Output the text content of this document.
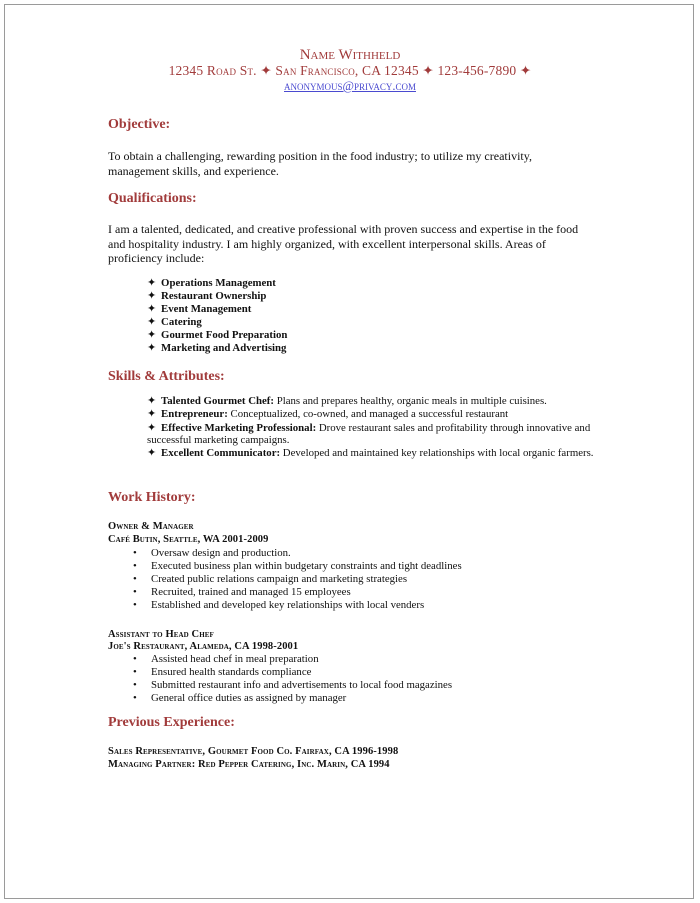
Name Withheld
12345 Road St. ✦ San Francisco, CA 12345 ✦ 123-456-7890 ✦
anonymous@privacy.com
Objective:
To obtain a challenging, rewarding position in the food industry; to utilize my creativity, management skills, and experience.
Qualifications:
I am a talented, dedicated, and creative professional with proven success and expertise in the food and hospitality industry. I am highly organized, with excellent interpersonal skills. Areas of proficiency include:
✦ Operations Management
✦ Restaurant Ownership
✦ Event Management
✦ Catering
✦ Gourmet Food Preparation
✦ Marketing and Advertising
Skills & Attributes:
✦ Talented Gourmet Chef: Plans and prepares healthy, organic meals in multiple cuisines.
✦ Entrepreneur: Conceptualized, co-owned, and managed a successful restaurant
✦ Effective Marketing Professional: Drove restaurant sales and profitability through innovative and successful marketing campaigns.
✦ Excellent Communicator: Developed and maintained key relationships with local organic farmers.
Work History:
Owner & Manager
Café Butin, Seattle, WA 2001-2009
• Oversaw design and production.
• Executed business plan within budgetary constraints and tight deadlines
• Created public relations campaign and marketing strategies
• Recruited, trained and managed 15 employees
• Established and developed key relationships with local venders
Assistant to Head Chef
Joe's Restaurant, Alameda, CA 1998-2001
• Assisted head chef in meal preparation
• Ensured health standards compliance
• Submitted restaurant info and advertisements to local food magazines
• General office duties as assigned by manager
Previous Experience:
Sales Representative, Gourmet Food Co. Fairfax, CA 1996-1998
Managing Partner: Red Pepper Catering, Inc. Marin, CA 1994
